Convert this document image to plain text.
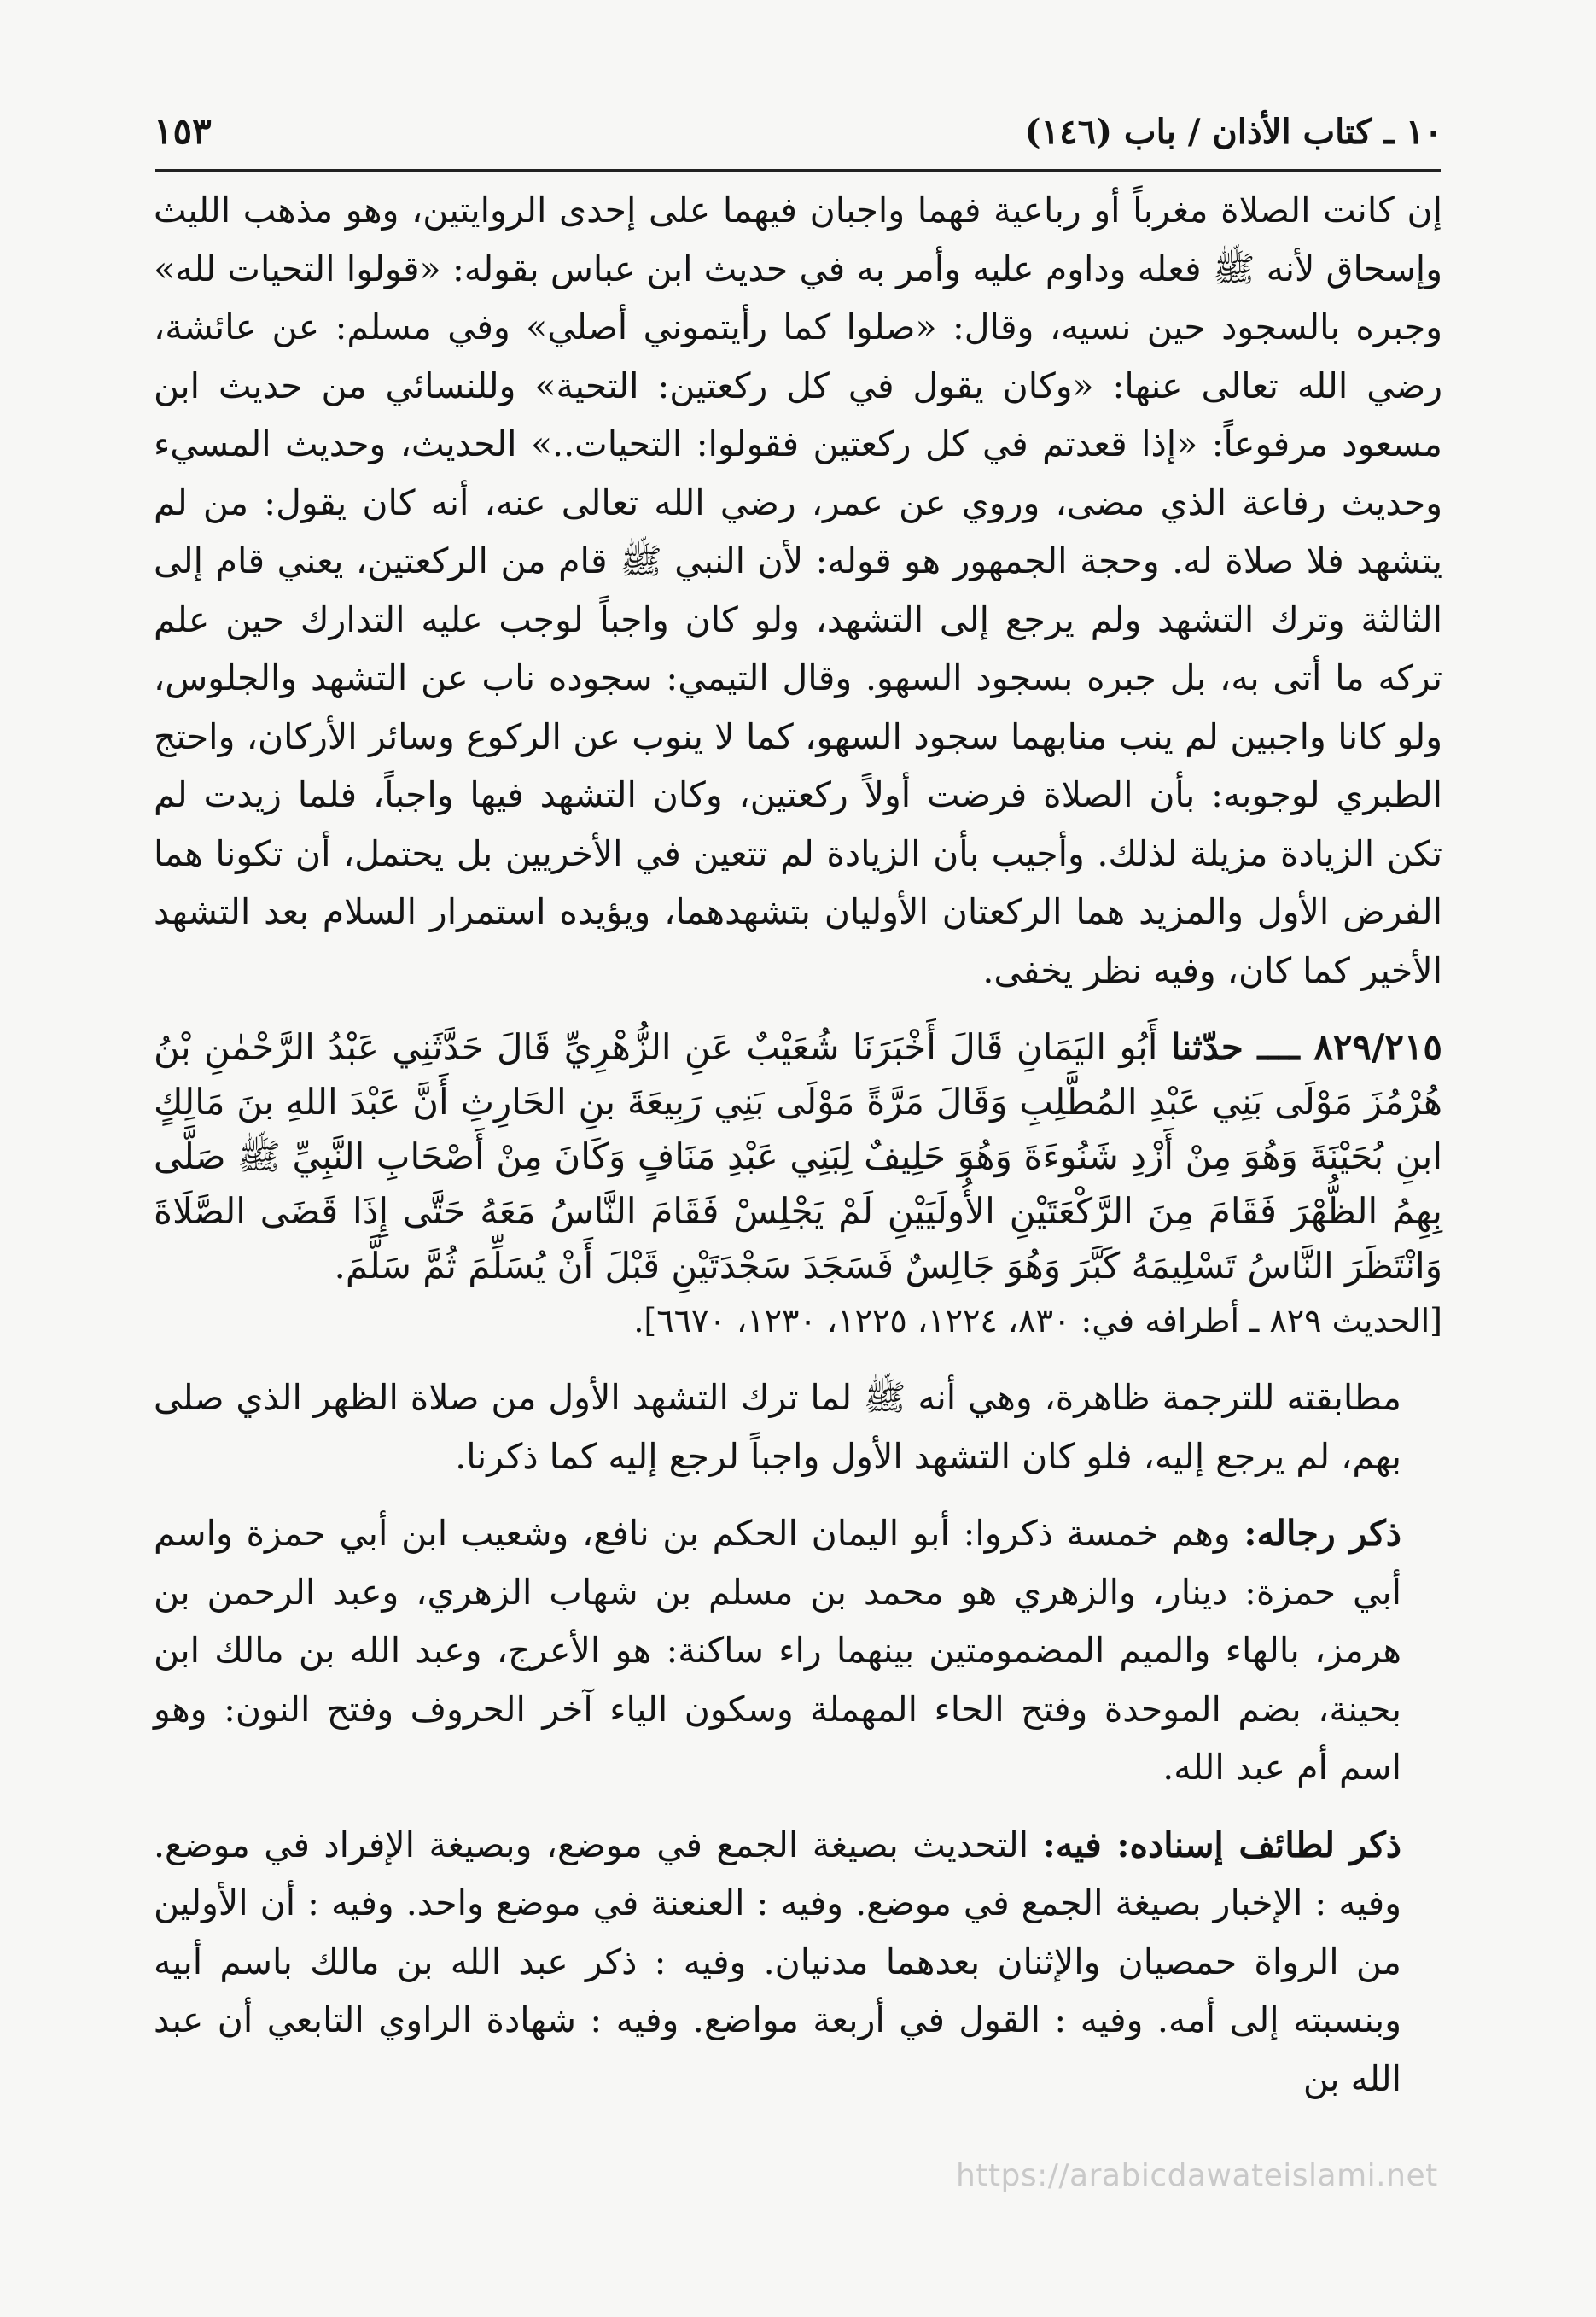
١٠ ـ كتاب الأذان / باب (١٤٦)
١٥٣

إن كانت الصلاة مغرباً أو رباعية فهما واجبان فيهما على إحدى الروايتين، وهو مذهب الليث وإسحاق لأنه ﷺ فعله وداوم عليه وأمر به في حديث ابن عباس بقوله: «قولوا التحيات لله» وجبره بالسجود حين نسيه، وقال: «صلوا كما رأيتموني أصلي» وفي مسلم: عن عائشة، رضي الله تعالى عنها: «وكان يقول في كل ركعتين: التحية» وللنسائي من حديث ابن مسعود مرفوعاً: «إذا قعدتم في كل ركعتين فقولوا: التحيات..» الحديث، وحديث المسيء وحديث رفاعة الذي مضى، وروي عن عمر، رضي الله تعالى عنه، أنه كان يقول: من لم يتشهد فلا صلاة له. وحجة الجمهور هو قوله: لأن النبي ﷺ قام من الركعتين، يعني قام إلى الثالثة وترك التشهد ولم يرجع إلى التشهد، ولو كان واجباً لوجب عليه التدارك حين علم تركه ما أتى به، بل جبره بسجود السهو. وقال التيمي: سجوده ناب عن التشهد والجلوس، ولو كانا واجبين لم ينب منابهما سجود السهو، كما لا ينوب عن الركوع وسائر الأركان، واحتج الطبري لوجوبه: بأن الصلاة فرضت أولاً ركعتين، وكان التشهد فيها واجباً، فلما زيدت لم تكن الزيادة مزيلة لذلك. وأجيب بأن الزيادة لم تتعين في الأخريين بل يحتمل، أن تكونا هما الفرض الأول والمزيد هما الركعتان الأوليان بتشهدهما، ويؤيده استمرار السلام بعد التشهد الأخير كما كان، وفيه نظر يخفى.

٨٢٩/٢١٥ ــــ حدّثنا أَبُو اليَمَانِ قَالَ أَخْبَرَنَا شُعَيْبٌ عَنِ الزُّهْرِيِّ قَالَ حَدَّثَنِي عَبْدُ الرَّحْمٰنِ بْنُ هُرْمُزَ مَوْلَى بَنِي عَبْدِ المُطَّلِبِ وَقَالَ مَرَّةً مَوْلَى بَنِي رَبِيعَةَ بنِ الحَارِثِ أَنَّ عَبْدَ اللهِ بنَ مَالِكٍ ابنِ بُحَيْنَةَ وَهُوَ مِنْ أَزْدِ شَنُوءَةَ وَهُوَ حَلِيفٌ لِبَنِي عَبْدِ مَنَافٍ وَكَانَ مِنْ أَصْحَابِ النَّبِيِّ ﷺ صَلَّى بِهِمُ الظُّهْرَ فَقَامَ مِنَ الرَّكْعَتَيْنِ الأُولَيَيْنِ لَمْ يَجْلِسْ فَقَامَ النَّاسُ مَعَهُ حَتَّى إِذَا قَضَى الصَّلَاةَ وَانْتَظَرَ النَّاسُ تَسْلِيمَهُ كَبَّرَ وَهُوَ جَالِسٌ فَسَجَدَ سَجْدَتَيْنِ قَبْلَ أَنْ يُسَلِّمَ ثُمَّ سَلَّمَ.

[الحديث ٨٢٩ ـ أطرافه في: ٨٣٠، ١٢٢٤، ١٢٢٥، ١٢٣٠، ٦٦٧٠].

مطابقته للترجمة ظاهرة، وهي أنه ﷺ لما ترك التشهد الأول من صلاة الظهر الذي صلى بهم، لم يرجع إليه، فلو كان التشهد الأول واجباً لرجع إليه كما ذكرنا.

ذكر رجاله: وهم خمسة ذكروا: أبو اليمان الحكم بن نافع، وشعيب ابن أبي حمزة واسم أبي حمزة: دينار، والزهري هو محمد بن مسلم بن شهاب الزهري، وعبد الرحمن بن هرمز، بالهاء والميم المضمومتين بينهما راء ساكنة: هو الأعرج، وعبد الله بن مالك ابن بحينة، بضم الموحدة وفتح الحاء المهملة وسكون الياء آخر الحروف وفتح النون: وهو اسم أم عبد الله.

ذكر لطائف إسناده: فيه: التحديث بصيغة الجمع في موضع، وبصيغة الإفراد في موضع. وفيه : الإخبار بصيغة الجمع في موضع. وفيه : العنعنة في موضع واحد. وفيه : أن الأولين من الرواة حمصيان والإثنان بعدهما مدنيان. وفيه : ذكر عبد الله بن مالك باسم أبيه وبنسبته إلى أمه. وفيه : القول في أربعة مواضع. وفيه : شهادة الراوي التابعي أن عبد الله بن

https://arabicdawateislami.net
